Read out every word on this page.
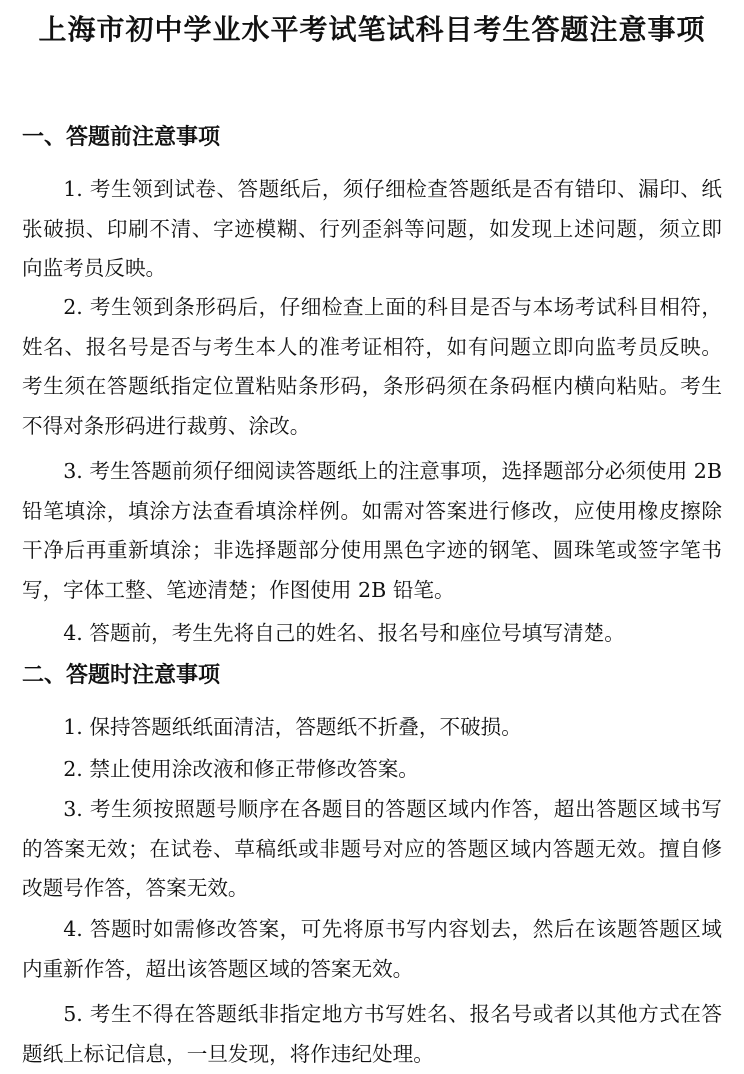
上海市初中学业水平考试笔试科目考生答题注意事项
一、答题前注意事项

1. 考生领到试卷、答题纸后，须仔细检查答题纸是否有错印、漏印、纸张破损、印刷不清、字迹模糊、行列歪斜等问题，如发现上述问题，须立即向监考员反映。

2. 考生领到条形码后，仔细检查上面的科目是否与本场考试科目相符，姓名、报名号是否与考生本人的准考证相符，如有问题立即向监考员反映。考生须在答题纸指定位置粘贴条形码，条形码须在条码框内横向粘贴。考生不得对条形码进行裁剪、涂改。

3. 考生答题前须仔细阅读答题纸上的注意事项，选择题部分必须使用 2B 铅笔填涂，填涂方法查看填涂样例。如需对答案进行修改，应使用橡皮擦除干净后再重新填涂；非选择题部分使用黑色字迹的钢笔、圆珠笔或签字笔书写，字体工整、笔迹清楚；作图使用 2B 铅笔。

4. 答题前，考生先将自己的姓名、报名号和座位号填写清楚。

二、答题时注意事项

1. 保持答题纸纸面清洁，答题纸不折叠，不破损。

2. 禁止使用涂改液和修正带修改答案。

3. 考生须按照题号顺序在各题目的答题区域内作答，超出答题区域书写的答案无效；在试卷、草稿纸或非题号对应的答题区域内答题无效。擅自修改题号作答，答案无效。

4. 答题时如需修改答案，可先将原书写内容划去，然后在该题答题区域内重新作答，超出该答题区域的答案无效。

5. 考生不得在答题纸非指定地方书写姓名、报名号或者以其他方式在答题纸上标记信息，一旦发现，将作违纪处理。
